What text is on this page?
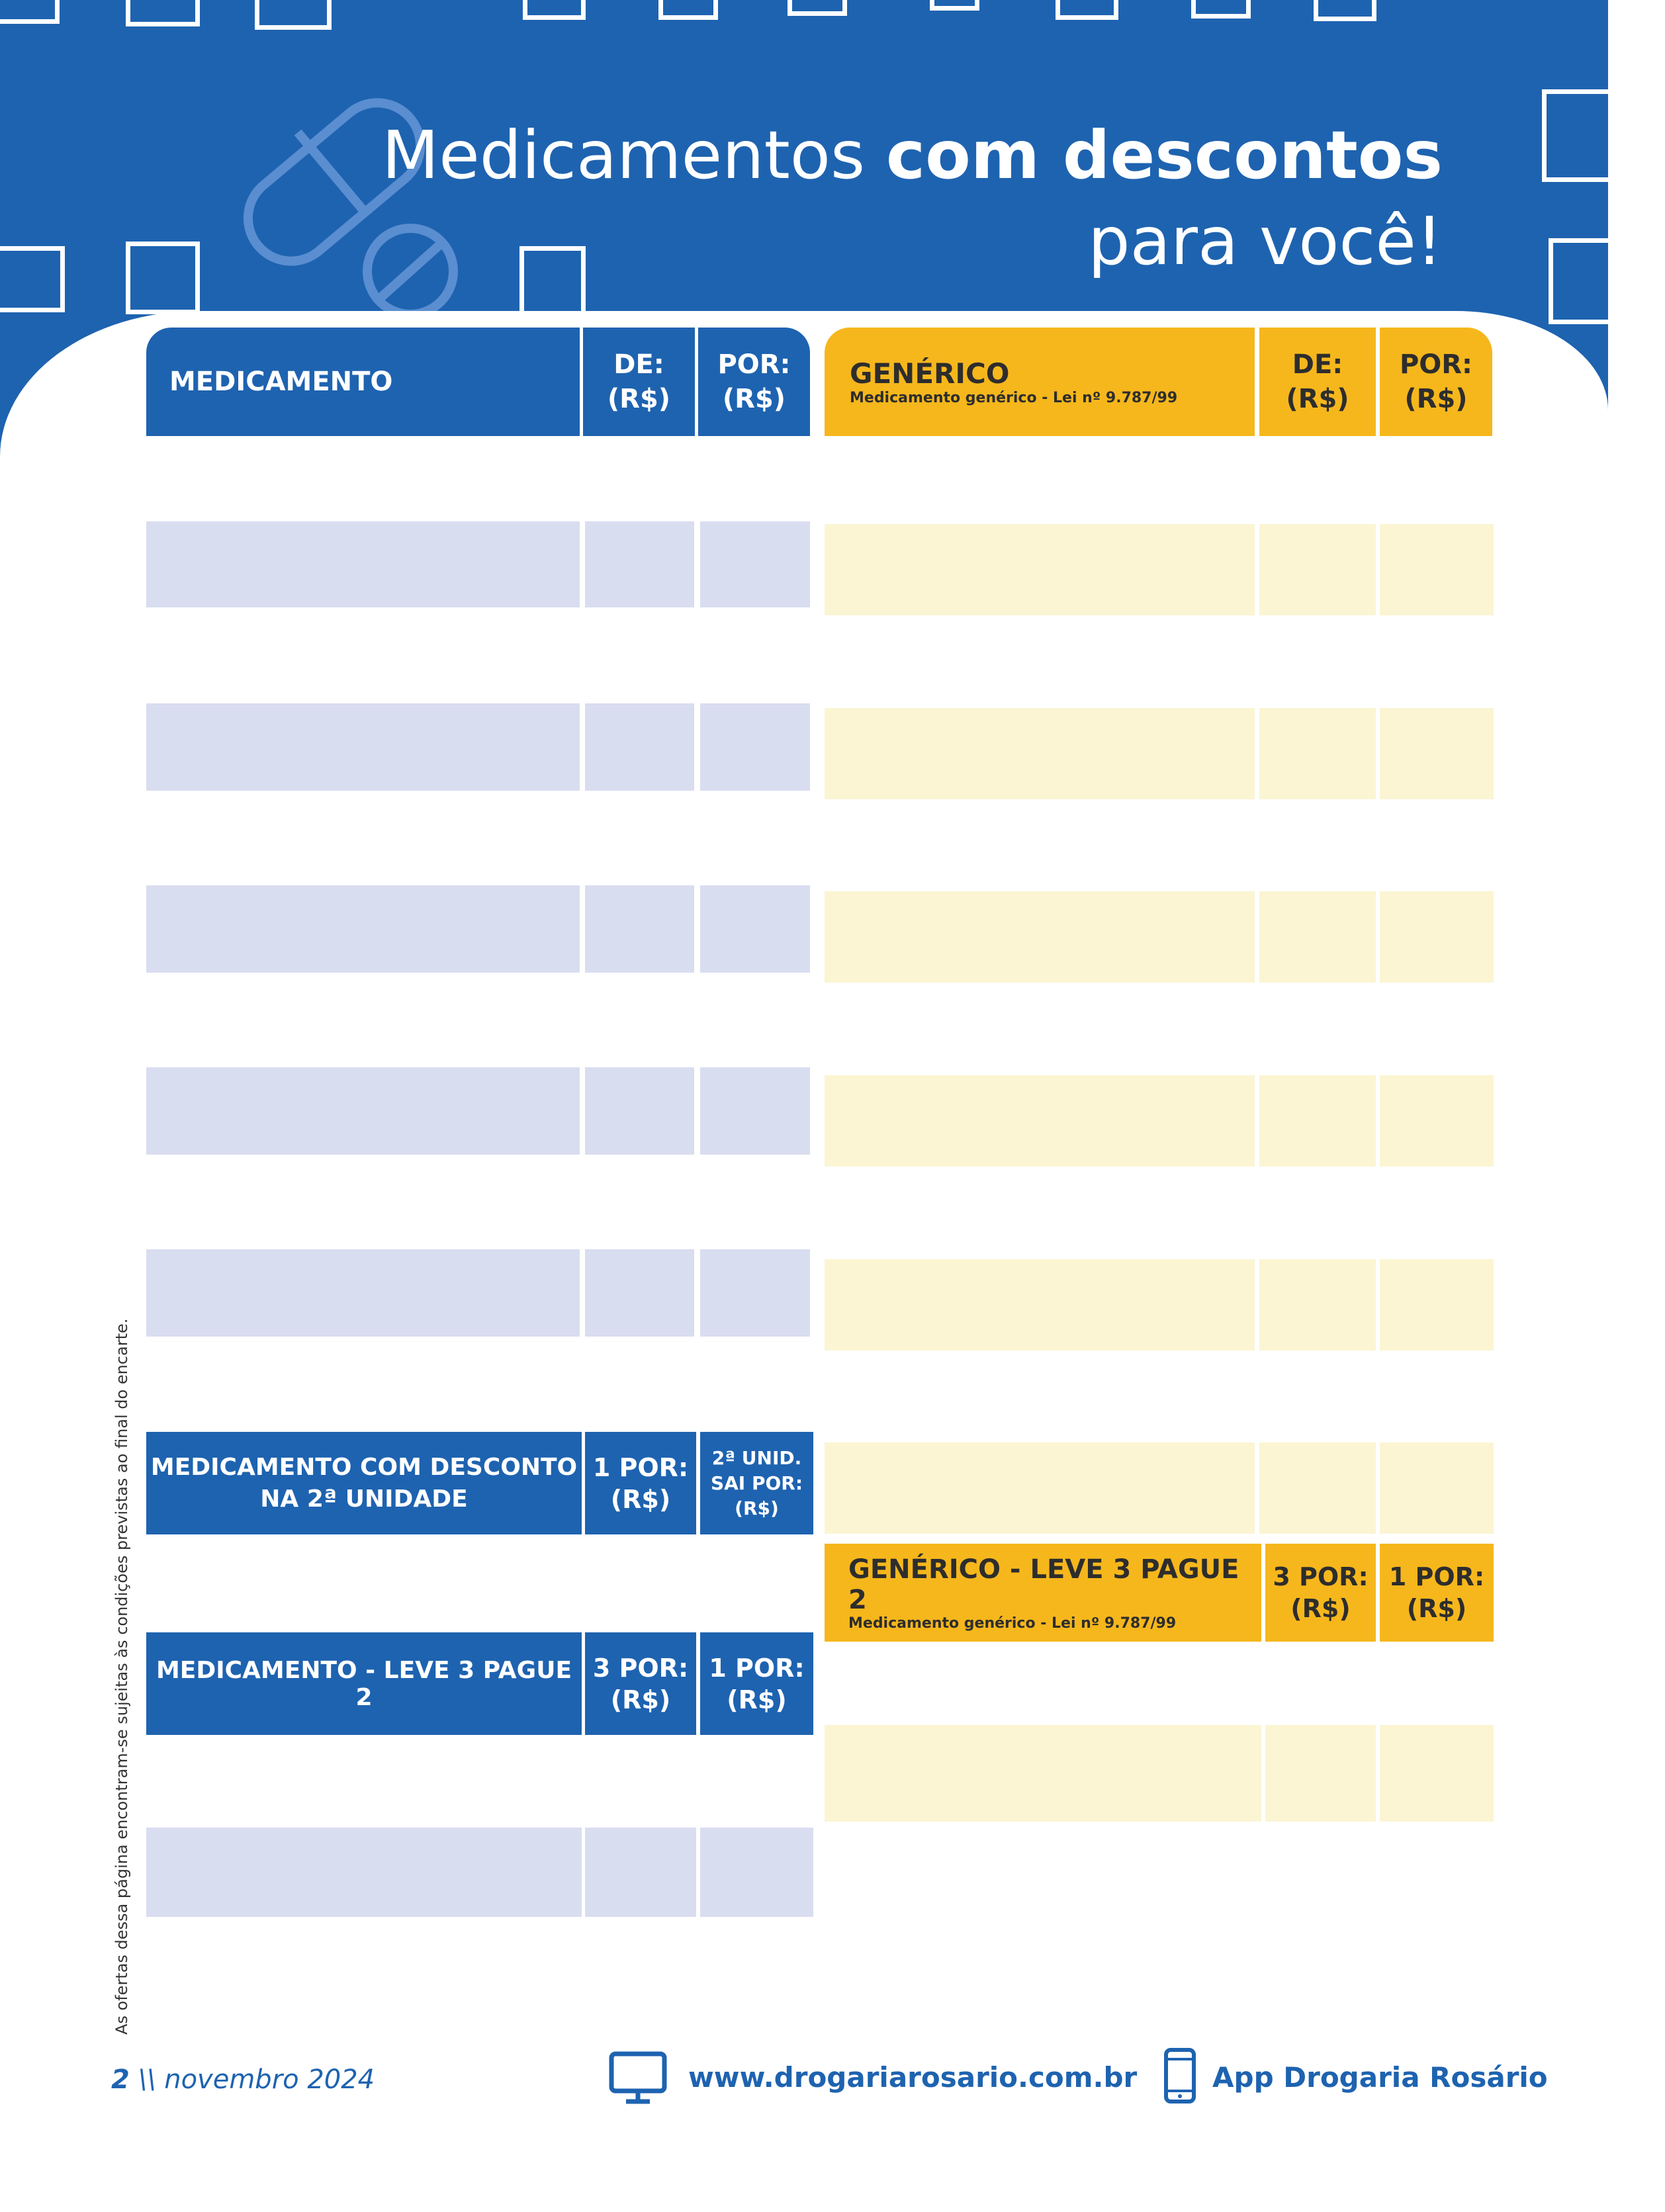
Medicamentos com descontos
para você!
MEDICAMENTO
DE:
(R$)
POR:
(R$)
GENÉRICO
Medicamento genérico - Lei nº 9.787/99
DE:
(R$)
POR:
(R$)
MEDICAMENTO COM DESCONTO
NA 2ª UNIDADE
1 POR:
(R$)
2ª UNID.
SAI POR:
(R$)
GENÉRICO - LEVE 3 PAGUE 2
Medicamento genérico - Lei nº 9.787/99
3 POR:
(R$)
1 POR:
(R$)
MEDICAMENTO - LEVE 3 PAGUE 2
3 POR:
(R$)
1 POR:
(R$)
As ofertas dessa página encontram-se sujeitas às condições previstas ao final do encarte.
2 \\ novembro 2024	www.drogariarosario.com.br	App Drogaria Rosário
